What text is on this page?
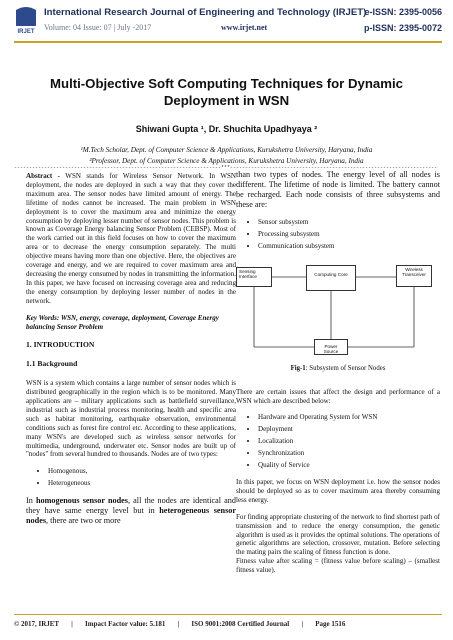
IRJET
International Research Journal of Engineering and Technology (IRJET)
e-ISSN: 2395-0056
Volume: 04 Issue: 07 | July -2017	www.irjet.net	p-ISSN: 2395-0072
Multi-Objective Soft Computing Techniques for Dynamic Deployment in WSN
Shiwani Gupta ¹, Dr. Shuchita Upadhyaya ²
¹M.Tech Scholar, Dept. of Computer Science & Applications, Kurukshetra University, Haryana, India
²Professor, Dept. of Computer Science & Applications, Kurukshetra University, Haryana, India
---------------------------------------------------------------------***---------------------------------------------------------------------

Abstract - WSN stands for Wireless Sensor Network. In WSN deployment, the nodes are deployed in such a way that they cover the maximum area. The sensor nodes have limited amount of energy. The lifetime of nodes cannot be increased. The main problem in WSN deployment is to cover the maximum area and minimize the energy consumption by deploying lesser number of sensor nodes. This problem is known as Coverage Energy balancing Sensor Problem (CEBSP). Most of the work carried out in this field focuses on how to cover the maximum area or to decrease the energy consumption separately. The multi objective means having more than one objective. Here, the objectives are coverage and energy, and we are required to cover maximum area and decreasing the energy consumed by nodes in transmitting the information. In this paper, we have focused on increasing coverage area and reducing the energy consumption by deploying lesser number of nodes in the network.

Key Words: WSN, energy, coverage, deployment, Coverage Energy balancing Sensor Problem

1. INTRODUCTION
1.1 Background

WSN is a system which contains a large number of sensor nodes which is distributed geographically in the region which is to be monitored. Many applications are – military applications such as battlefield surveillance, industrial such as industrial process monitoring, health and specific area such as habitat monitoring, earthquake observation, environmental conditions such as forest fire control etc. According to these applications, many WSN's are developed such as wireless sensor networks for multimedia, underground, underwater etc. Sensor nodes are built up of "nodes" from several hundred to thousands. Nodes are of two types:

• Homogenous,
• Heterogeneous

In homogenous sensor nodes, all the nodes are identical and they have same energy level but in heterogeneous sensor nodes, there are two or more

than two types of nodes. The energy level of all nodes is different. The lifetime of node is limited. The battery cannot be recharged. Each node consists of three subsystems and these are:

• Sensor subsystem
• Processing subsystem
• Communication subsystem
Sensing Interface	Computing Core
Wireless Transceiver
Power Source
Fig-1: Subsystem of Sensor Nodes

There are certain issues that affect the design and performance of a WSN which are described below:

• Hardware and Operating System for WSN
• Deployment
• Localization
• Synchronization
• Quality of Service

In this paper, we focus on WSN deployment i.e. how the sensor nodes should be deployed so as to cover maximum area thereby consuming less energy.

For finding appropriate clustering of the network to find shortest path of transmission and to reduce the energy consumption, the genetic algorithm is used as it provides the optimal solutions. The operations of genetic algorithms are selection, crossover, mutation. Before selecting the mating pairs the scaling of fitness function is done.

Fitness value after scaling = (fitness value before scaling) – (smallest fitness value).

© 2017, IRJET       |       Impact Factor value: 5.181       |       ISO 9001:2008 Certified Journal       |       Page 1516
